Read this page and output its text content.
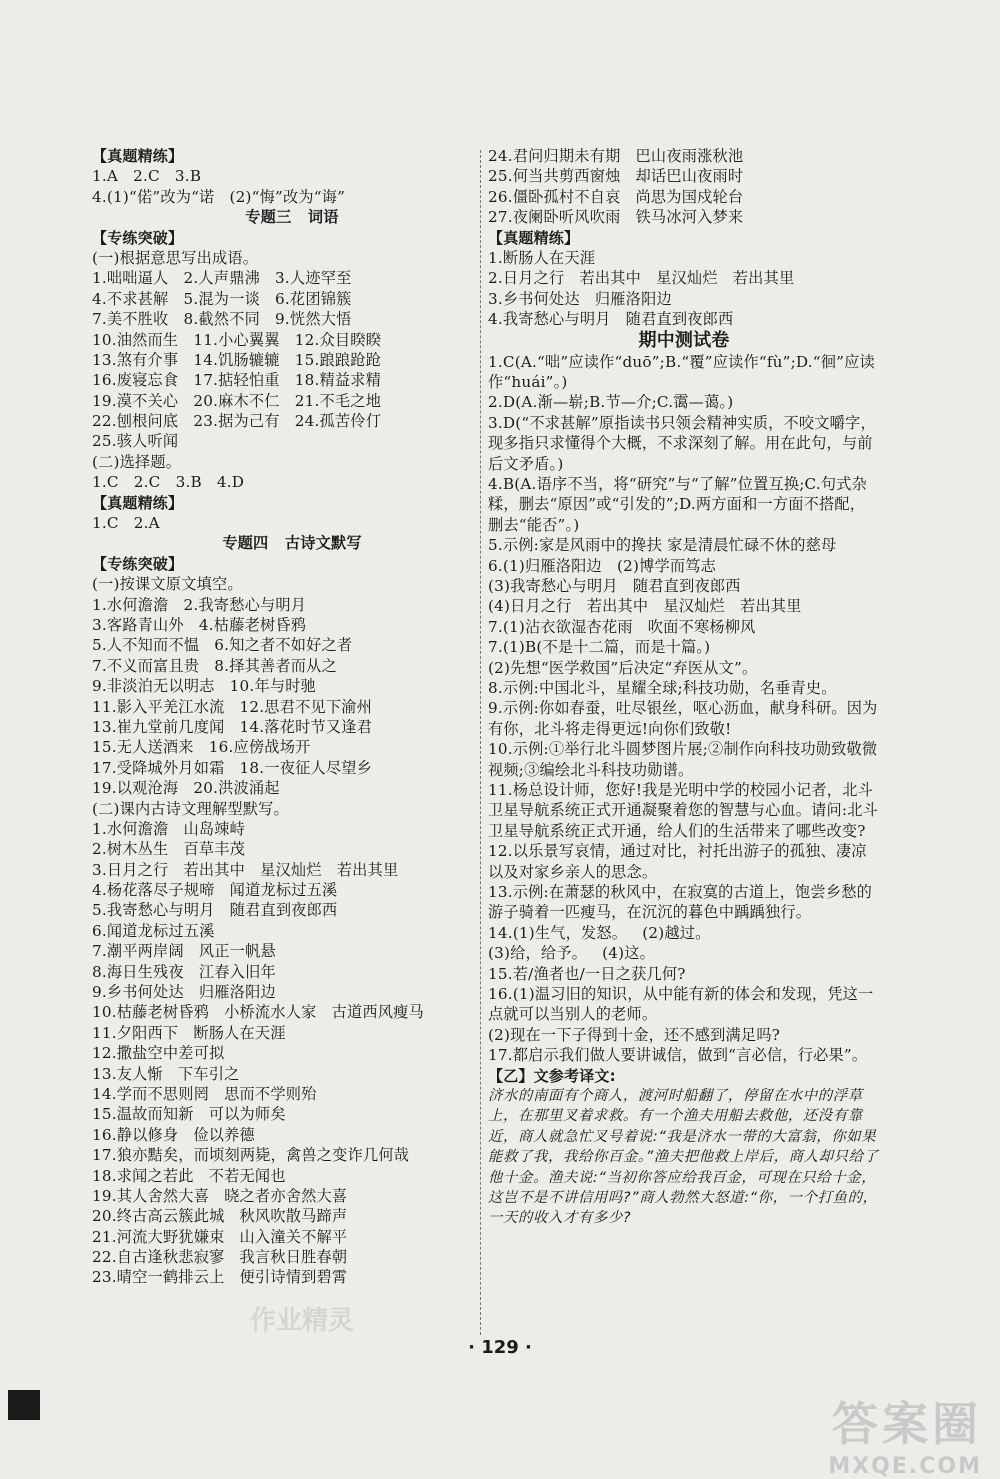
【真题精练】
1.A   2.C   3.B
4.(1)“偌”改为“诺   (2)“悔”改为“诲”
专题三   词语
【专练突破】
(一)根据意思写出成语。
1.咄咄逼人   2.人声鼎沸   3.人迹罕至
4.不求甚解   5.混为一谈   6.花团锦簇
7.美不胜收   8.截然不同   9.恍然大悟
10.油然而生   11.小心翼翼   12.众目睽睽
13.煞有介事   14.饥肠辘辘   15.踉踉跄跄
16.废寝忘食   17.掂轻怕重   18.精益求精
19.漠不关心   20.麻木不仁   21.不毛之地
22.刨根问底   23.据为己有   24.孤苦伶仃
25.骇人听闻
(二)选择题。
1.C   2.C   3.B   4.D
【真题精练】
1.C   2.A
专题四   古诗文默写
【专练突破】
(一)按课文原文填空。
1.水何澹澹   2.我寄愁心与明月
3.客路青山外   4.枯藤老树昏鸦
5.人不知而不愠   6.知之者不如好之者
7.不义而富且贵   8.择其善者而从之
9.非淡泊无以明志   10.年与时驰
11.影入平羌江水流   12.思君不见下渝州
13.崔九堂前几度闻   14.落花时节又逢君
15.无人送酒来   16.应傍战场开
17.受降城外月如霜   18.一夜征人尽望乡
19.以观沧海   20.洪波涌起
(二)课内古诗文理解型默写。
1.水何澹澹   山岛竦峙
2.树木丛生   百草丰茂
3.日月之行   若出其中   星汉灿烂   若出其里
4.杨花落尽子规啼   闻道龙标过五溪
5.我寄愁心与明月   随君直到夜郎西
6.闻道龙标过五溪
7.潮平两岸阔   风正一帆悬
8.海日生残夜   江春入旧年
9.乡书何处达   归雁洛阳边
10.枯藤老树昏鸦   小桥流水人家   古道西风瘦马
11.夕阳西下   断肠人在天涯
12.撒盐空中差可拟
13.友人惭   下车引之
14.学而不思则罔   思而不学则殆
15.温故而知新   可以为师矣
16.静以修身   俭以养德
17.狼亦黠矣，而顷刻两毙，禽兽之变诈几何哉
18.求闻之若此   不若无闻也
19.其人舍然大喜   晓之者亦舍然大喜
20.终古高云簇此城   秋风吹散马蹄声
21.河流大野犹嫌束   山入潼关不解平
22.自古逢秋悲寂寥   我言秋日胜春朝
23.晴空一鹤排云上   便引诗情到碧霄
24.君问归期未有期   巴山夜雨涨秋池
25.何当共剪西窗烛   却话巴山夜雨时
26.僵卧孤村不自哀   尚思为国戍轮台
27.夜阑卧听风吹雨   铁马冰河入梦来
【真题精练】
1.断肠人在天涯
2.日月之行   若出其中   星汉灿烂   若出其里
3.乡书何处达   归雁洛阳边
4.我寄愁心与明月   随君直到夜郎西
期中测试卷
1.C(A.“咄”应读作“duō”;B.“覆”应读作“fù”;D.“徊”应读作“huái”。)
2.D(A.渐—崭;B.节—介;C.霭—蔼。)
3.D(“不求甚解”原指读书只领会精神实质，不咬文嚼字，现多指只求懂得个大概，不求深刻了解。用在此句，与前后文矛盾。)
4.B(A.语序不当，将“研究”与“了解”位置互换;C.句式杂糅，删去“原因”或“引发的”;D.两方面和一方面不搭配，删去“能否”。)
5.示例:家是风雨中的搀扶 家是清晨忙碌不休的慈母
6.(1)归雁洛阳边   (2)博学而笃志
(3)我寄愁心与明月   随君直到夜郎西
(4)日月之行   若出其中   星汉灿烂   若出其里
7.(1)沾衣欲湿杏花雨   吹面不寒杨柳风
7.(1)B(不是十二篇，而是十篇。)
(2)先想“医学救国”后决定“弃医从文”。
8.示例:中国北斗，星耀全球;科技功勋，名垂青史。
9.示例:你如春蚕，吐尽银丝，呕心沥血，献身科研。因为有你，北斗将走得更远!向你们致敬!
10.示例:①举行北斗圆梦图片展;②制作向科技功勋致敬微视频;③编绘北斗科技功勋谱。
11.杨总设计师，您好!我是光明中学的校园小记者，北斗卫星导航系统正式开通凝聚着您的智慧与心血。请问:北斗卫星导航系统正式开通，给人们的生活带来了哪些改变?
12.以乐景写哀情，通过对比，衬托出游子的孤独、凄凉以及对家乡亲人的思念。
13.示例:在萧瑟的秋风中，在寂寞的古道上，饱尝乡愁的游子骑着一匹瘦马，在沉沉的暮色中踽踽独行。
14.(1)生气，发怒。   (2)越过。
(3)给，给予。   (4)这。
15.若/渔者也/一日之获几何?
16.(1)温习旧的知识，从中能有新的体会和发现，凭这一点就可以当别人的老师。
(2)现在一下子得到十金，还不感到满足吗?
17.都启示我们做人要讲诚信，做到“言必信，行必果”。
【乙】文参考译文:
济水的南面有个商人，渡河时船翻了，停留在水中的浮草上，在那里叉着求救。有一个渔夫用船去救他，还没有靠近，商人就急忙叉号着说:“我是济水一带的大富翁，你如果能救了我，我给你百金。”渔夫把他救上岸后，商人却只给了他十金。渔夫说:“当初你答应给我百金，可现在只给十金，这岂不是不讲信用吗?”商人勃然大怒道:“你，一个打鱼的，一天的收入才有多少?
作业精灵
· 129 ·
答案圈
MXQE.COM
